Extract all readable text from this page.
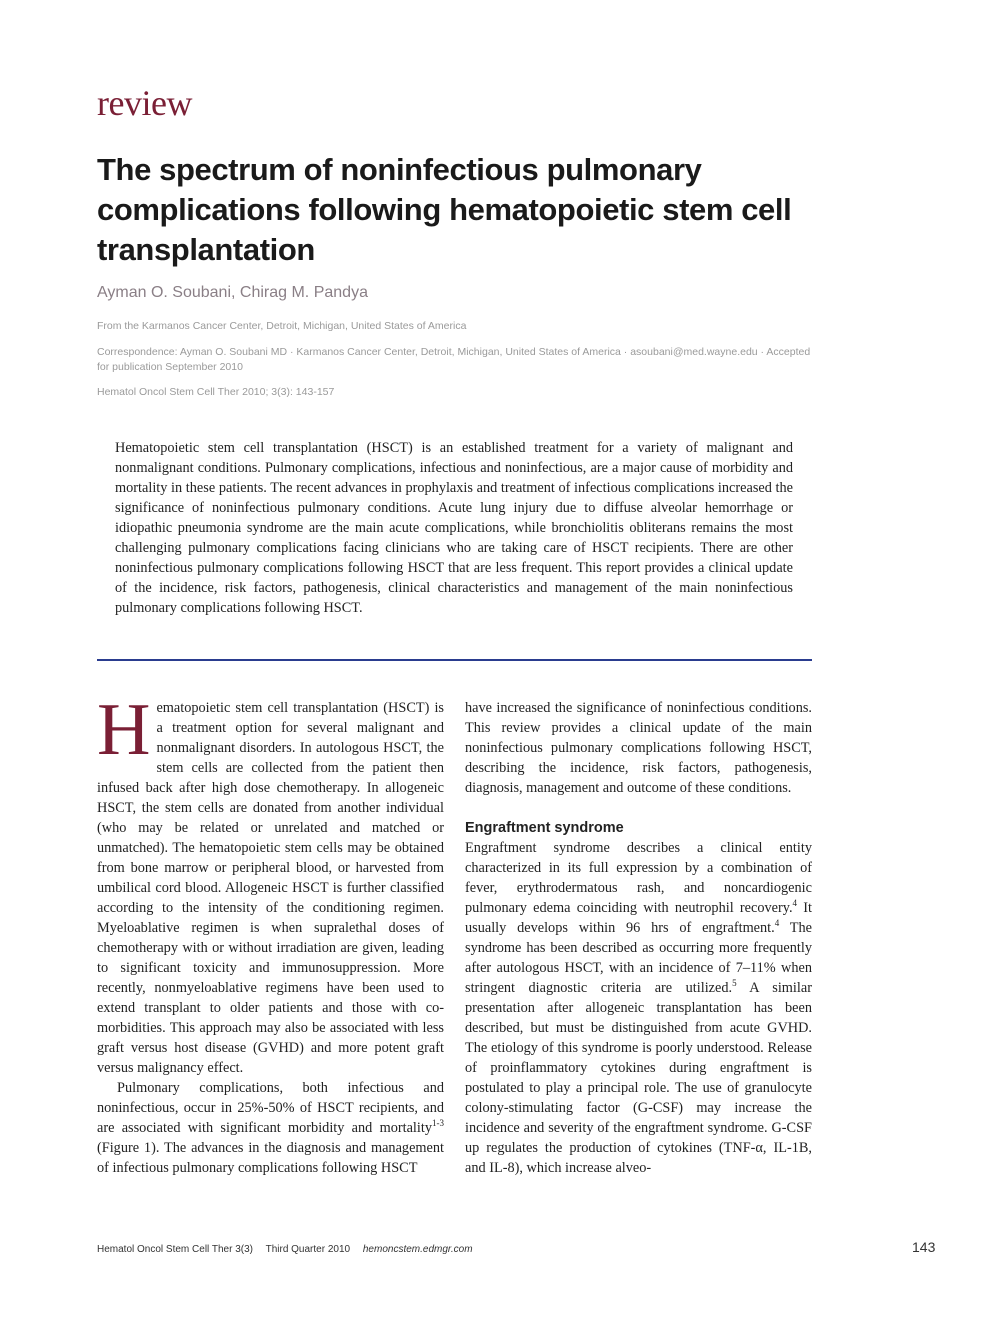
review
The spectrum of noninfectious pulmonary complications following hematopoietic stem cell transplantation
Ayman O. Soubani, Chirag M. Pandya
From the Karmanos Cancer Center, Detroit, Michigan, United States of America
Correspondence: Ayman O. Soubani MD · Karmanos Cancer Center, Detroit, Michigan, United States of America · asoubani@med.wayne.edu · Accepted for publication September 2010
Hematol Oncol Stem Cell Ther 2010; 3(3): 143-157
Hematopoietic stem cell transplantation (HSCT) is an established treatment for a variety of malignant and nonmalignant conditions. Pulmonary complications, infectious and noninfectious, are a major cause of morbidity and mortality in these patients. The recent advances in prophylaxis and treatment of infectious complications increased the significance of noninfectious pulmonary conditions. Acute lung injury due to diffuse alveolar hemorrhage or idiopathic pneumonia syndrome are the main acute complications, while bronchiolitis obliterans remains the most challenging pulmonary complications facing clinicians who are taking care of HSCT recipients. There are other noninfectious pulmonary complications following HSCT that are less frequent. This report provides a clinical update of the incidence, risk factors, pathogenesis, clinical characteristics and management of the main noninfectious pulmonary complications following HSCT.

Hematopoietic stem cell transplantation (HSCT) is a treatment option for several malignant and nonmalignant disorders. In autologous HSCT, the stem cells are collected from the patient then infused back after high dose chemotherapy. In allogeneic HSCT, the stem cells are donated from another individual (who may be related or unrelated and matched or unmatched). The hematopoietic stem cells may be obtained from bone marrow or peripheral blood, or harvested from umbilical cord blood. Allogeneic HSCT is further classified according to the intensity of the conditioning regimen. Myeloablative regimen is when supralethal doses of chemotherapy with or without irradiation are given, leading to significant toxicity and immunosuppression. More recently, nonmyeloablative regimens have been used to extend transplant to older patients and those with co-morbidities. This approach may also be associated with less graft versus host disease (GVHD) and more potent graft versus malignancy effect.

Pulmonary complications, both infectious and noninfectious, occur in 25%-50% of HSCT recipients, and are associated with significant morbidity and mortality$^{1-3}$ (Figure 1). The advances in the diagnosis and management of infectious pulmonary complications following HSCT

have increased the significance of noninfectious conditions. This review provides a clinical update of the main noninfectious pulmonary complications following HSCT, describing the incidence, risk factors, pathogenesis, diagnosis, management and outcome of these conditions.

Engraftment syndrome

Engraftment syndrome describes a clinical entity characterized in its full expression by a combination of fever, erythrodermatous rash, and noncardiogenic pulmonary edema coinciding with neutrophil recovery.$^4$ It usually develops within 96 hrs of engraftment.$^4$ The syndrome has been described as occurring more frequently after autologous HSCT, with an incidence of 7–11% when stringent diagnostic criteria are utilized.$^5$ A similar presentation after allogeneic transplantation has been described, but must be distinguished from acute GVHD. The etiology of this syndrome is poorly understood. Release of proinflammatory cytokines during engraftment is postulated to play a principal role. The use of granulocyte colony-stimulating factor (G-CSF) may increase the incidence and severity of the engraftment syndrome. G-CSF up regulates the production of cytokines (TNF-α, IL-1B, and IL-8), which increase alveo-

Hematol Oncol Stem Cell Ther 3(3) Third Quarter 2010 hemoncstem.edmgr.com	143
